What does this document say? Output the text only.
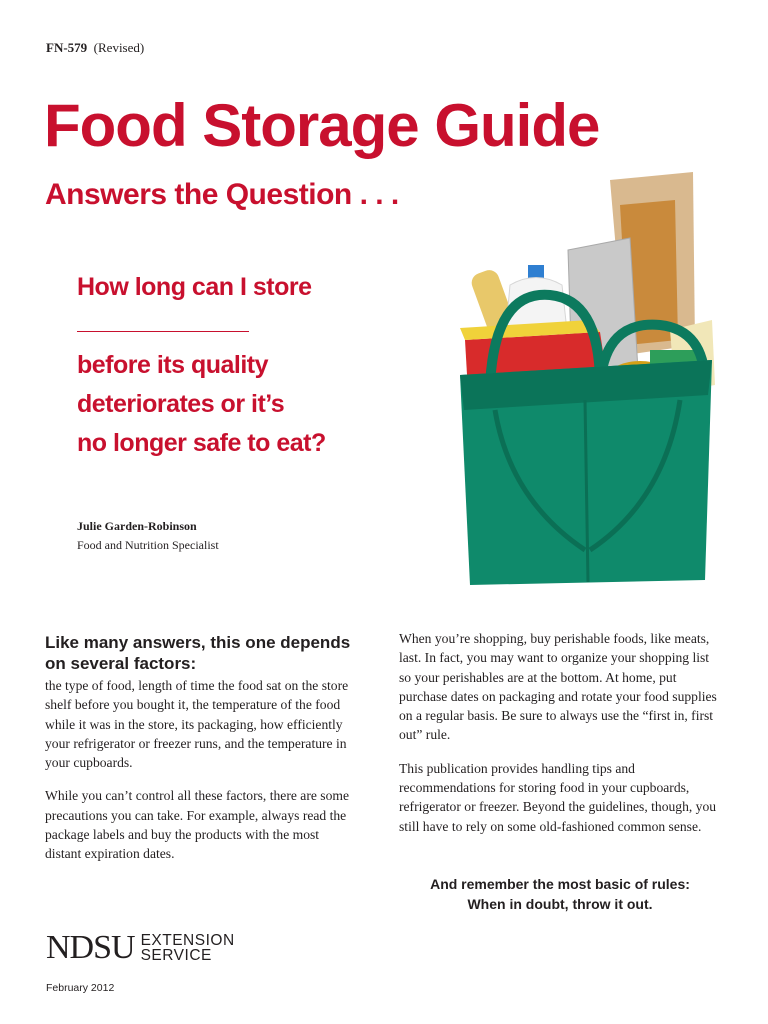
FN-579 (Revised)
Food Storage Guide
Answers the Question . . .
How long can I store
before its quality
deteriorates or it’s
no longer safe to eat?
Julie Garden-Robinson
Food and Nutrition Specialist

Like many answers, this one depends on several factors:

the type of food, length of time the food sat on the store shelf before you bought it, the temperature of the food while it was in the store, its packaging, how efficiently your refrigerator or freezer runs, and the temperature in your cupboards.

While you can’t control all these factors, there are some precautions you can take. For example, always read the package labels and buy the products with the most distant expiration dates.

When you’re shopping, buy perishable foods, like meats, last. In fact, you may want to organize your shopping list so your perishables are at the bottom. At home, put purchase dates on packaging and rotate your food supplies on a regular basis. Be sure to always use the “first in, first out” rule.

This publication provides handling tips and recommendations for storing food in your cupboards, refrigerator or freezer. Beyond the guidelines, though, you still have to rely on some old-fashioned common sense.

And remember the most basic of rules:
When in doubt, throw it out.
NDSU EXTENSION
SERVICE
February 2012
